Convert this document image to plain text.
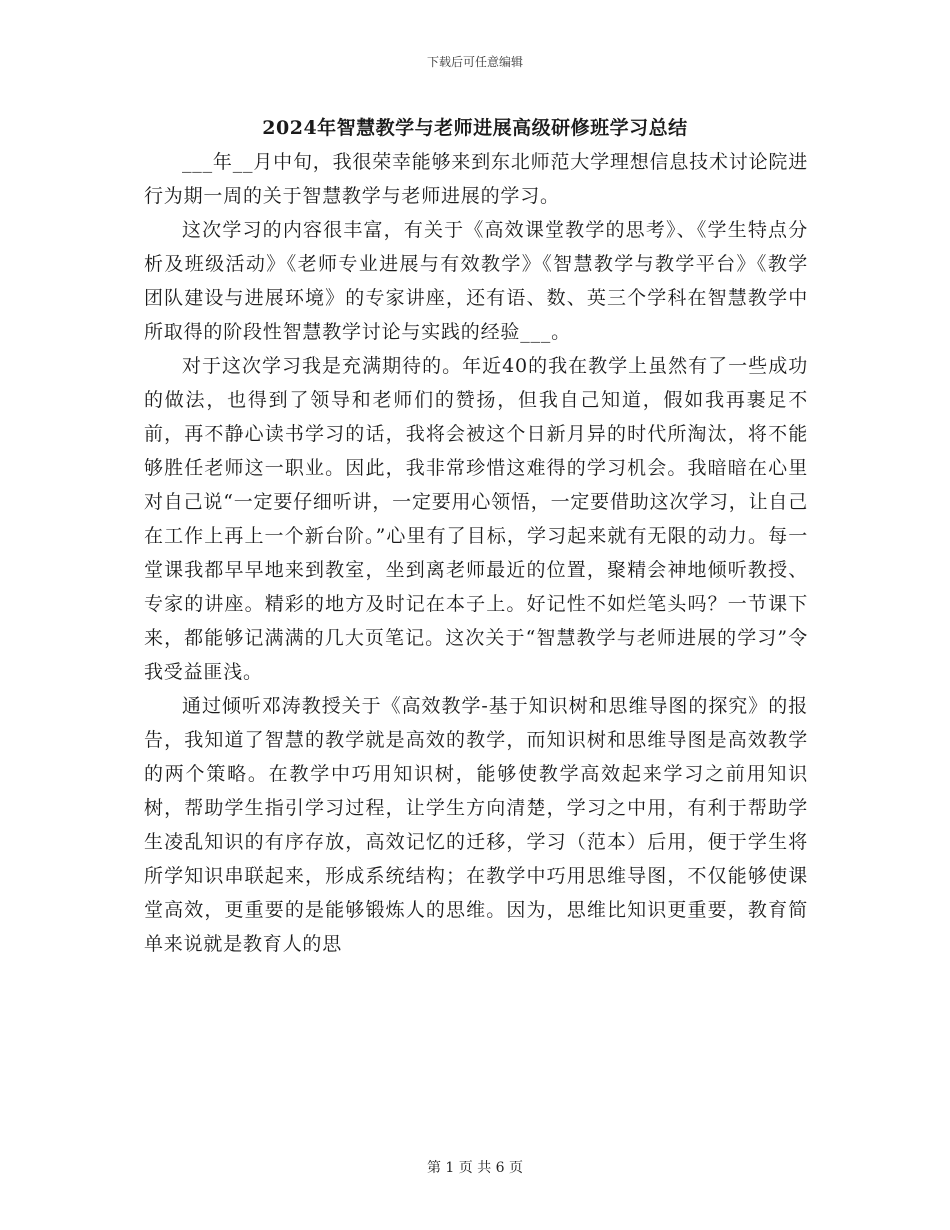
下载后可任意编辑
2024年智慧教学与老师进展高级研修班学习总结

___年__月中旬，我很荣幸能够来到东北师范大学理想信息技术讨论院进行为期一周的关于智慧教学与老师进展的学习。

这次学习的内容很丰富，有关于《高效课堂教学的思考》、《学生特点分析及班级活动》《老师专业进展与有效教学》《智慧教学与教学平台》《教学团队建设与进展环境》的专家讲座，还有语、数、英三个学科在智慧教学中所取得的阶段性智慧教学讨论与实践的经验___。

对于这次学习我是充满期待的。年近40的我在教学上虽然有了一些成功的做法，也得到了领导和老师们的赞扬，但我自己知道，假如我再裹足不前，再不静心读书学习的话，我将会被这个日新月异的时代所淘汰，将不能够胜任老师这一职业。因此，我非常珍惜这难得的学习机会。我暗暗在心里对自己说“一定要仔细听讲，一定要用心领悟，一定要借助这次学习，让自己在工作上再上一个新台阶。”心里有了目标，学习起来就有无限的动力。每一堂课我都早早地来到教室，坐到离老师最近的位置，聚精会神地倾听教授、专家的讲座。精彩的地方及时记在本子上。好记性不如烂笔头吗？一节课下来，都能够记满满的几大页笔记。这次关于“智慧教学与老师进展的学习”令我受益匪浅。

通过倾听邓涛教授关于《高效教学-基于知识树和思维导图的探究》的报告，我知道了智慧的教学就是高效的教学，而知识树和思维导图是高效教学的两个策略。在教学中巧用知识树，能够使教学高效起来学习之前用知识树，帮助学生指引学习过程，让学生方向清楚，学习之中用，有利于帮助学生凌乱知识的有序存放，高效记忆的迁移，学习（范本）后用，便于学生将所学知识串联起来，形成系统结构；在教学中巧用思维导图，不仅能够使课堂高效，更重要的是能够锻炼人的思维。因为，思维比知识更重要，教育简单来说就是教育人的思

第 1 页 共 6 页
